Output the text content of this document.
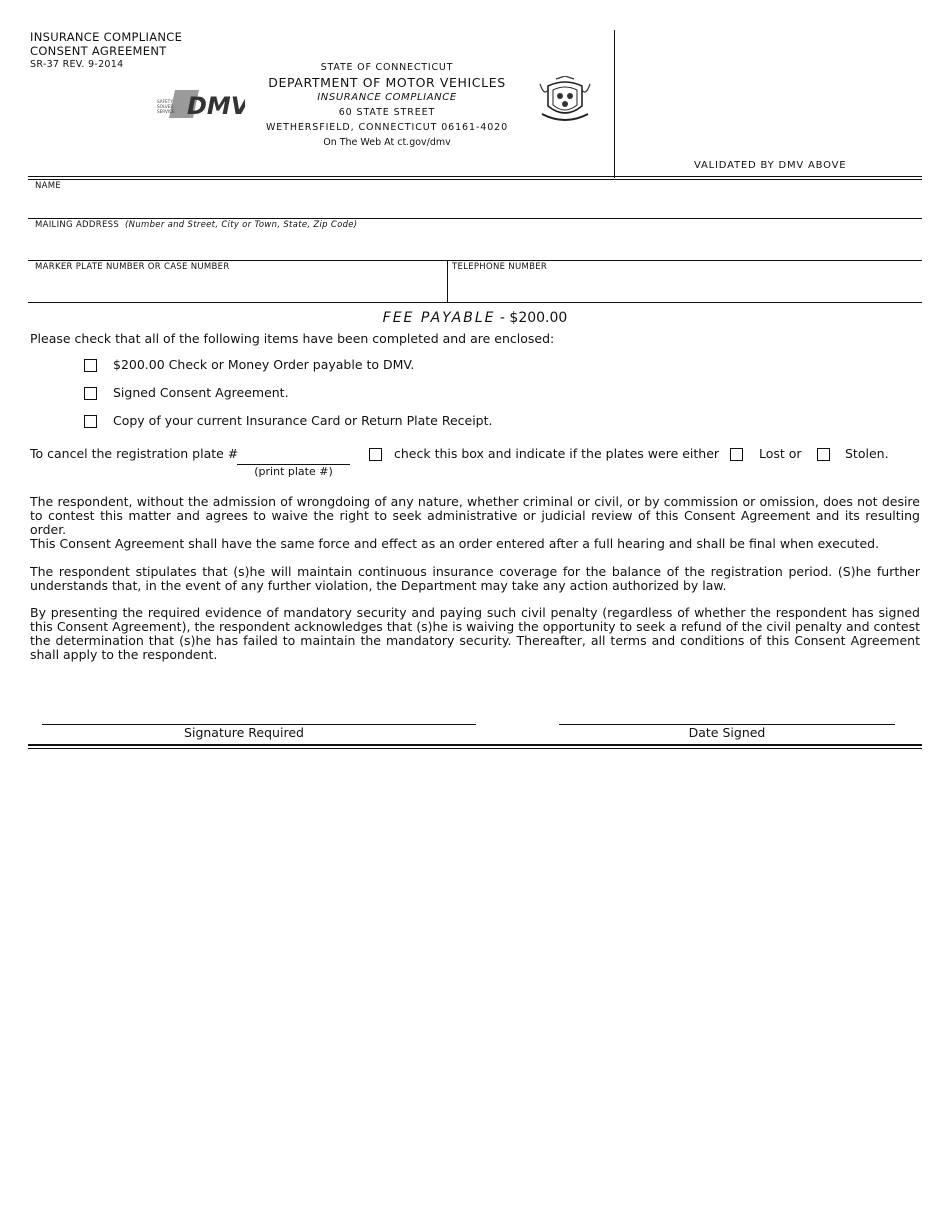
INSURANCE COMPLIANCE
CONSENT AGREEMENT
SR-37 REV. 9-2014
SAFETY
SOLVES
SERVICE DMV
STATE OF CONNECTICUT
DEPARTMENT OF MOTOR VEHICLES
INSURANCE COMPLIANCE
60 STATE STREET
WETHERSFIELD, CONNECTICUT 06161-4020
On The Web At ct.gov/dmv
VALIDATED BY DMV ABOVE
NAME
MAILING ADDRESS (Number and Street, City or Town, State, Zip Code)
MARKER PLATE NUMBER OR CASE NUMBER	TELEPHONE NUMBER
FEE PAYABLE - $200.00
Please check that all of the following items have been completed and are enclosed:
$200.00 Check or Money Order payable to DMV.
Signed Consent Agreement.
Copy of your current Insurance Card or Return Plate Receipt.
To cancel the registration plate #
(print plate #)
check this box and indicate if the plates were either	Lost or	Stolen.
The respondent, without the admission of wrongdoing of any nature, whether criminal or civil, or by commission or omission, does not desire to contest this matter and agrees to waive the right to seek administrative or judicial review of this Consent Agreement and its resulting order.
This Consent Agreement shall have the same force and effect as an order entered after a full hearing and shall be final when executed.
The respondent stipulates that (s)he will maintain continuous insurance coverage for the balance of the registration period. (S)he further understands that, in the event of any further violation, the Department may take any action authorized by law.
By presenting the required evidence of mandatory security and paying such civil penalty (regardless of whether the respondent has signed this Consent Agreement), the respondent acknowledges that (s)he is waiving the opportunity to seek a refund of the civil penalty and contest the determination that (s)he has failed to maintain the mandatory security. Thereafter, all terms and conditions of this Consent Agreement shall apply to the respondent.
Signature Required	Date Signed
